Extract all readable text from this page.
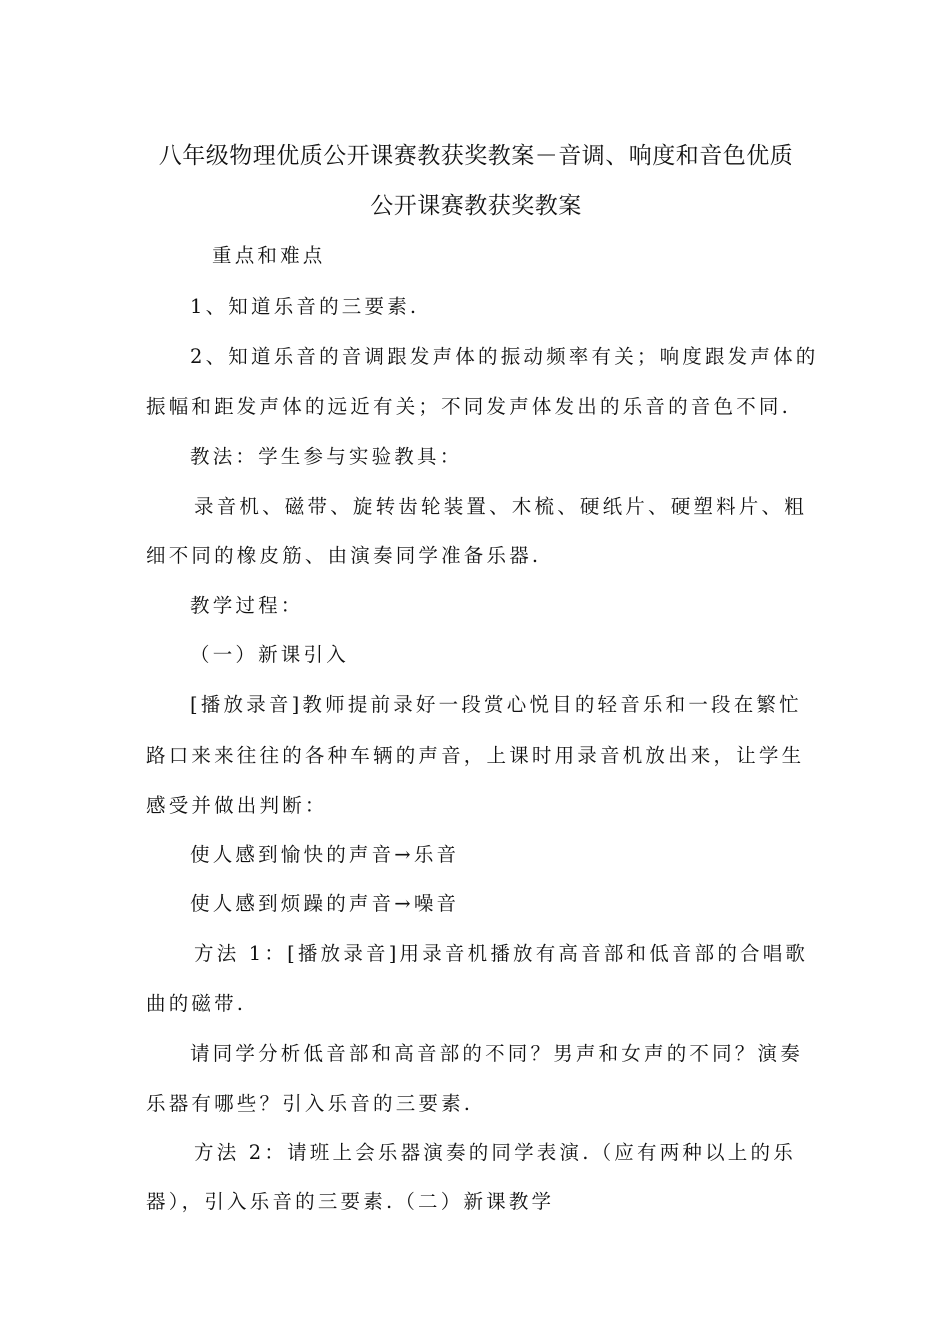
八年级物理优质公开课赛教获奖教案－音调、响度和音色优质
公开课赛教获奖教案
重点和难点
1、知道乐音的三要素.
2、知道乐音的音调跟发声体的振动频率有关；响度跟发声体的
振幅和距发声体的远近有关；不同发声体发出的乐音的音色不同.
教法：学生参与实验教具：
录音机、磁带、旋转齿轮装置、木梳、硬纸片、硬塑料片、粗
细不同的橡皮筋、由演奏同学准备乐器.
教学过程：
（一）新课引入
[播放录音]教师提前录好一段赏心悦目的轻音乐和一段在繁忙
路口来来往往的各种车辆的声音，上课时用录音机放出来，让学生
感受并做出判断：
使人感到愉快的声音→乐音
使人感到烦躁的声音→噪音
方法 1：[播放录音]用录音机播放有高音部和低音部的合唱歌
曲的磁带.
请同学分析低音部和高音部的不同？男声和女声的不同？演奏
乐器有哪些？引入乐音的三要素.
方法 2：请班上会乐器演奏的同学表演.（应有两种以上的乐
器），引入乐音的三要素.（二）新课教学
